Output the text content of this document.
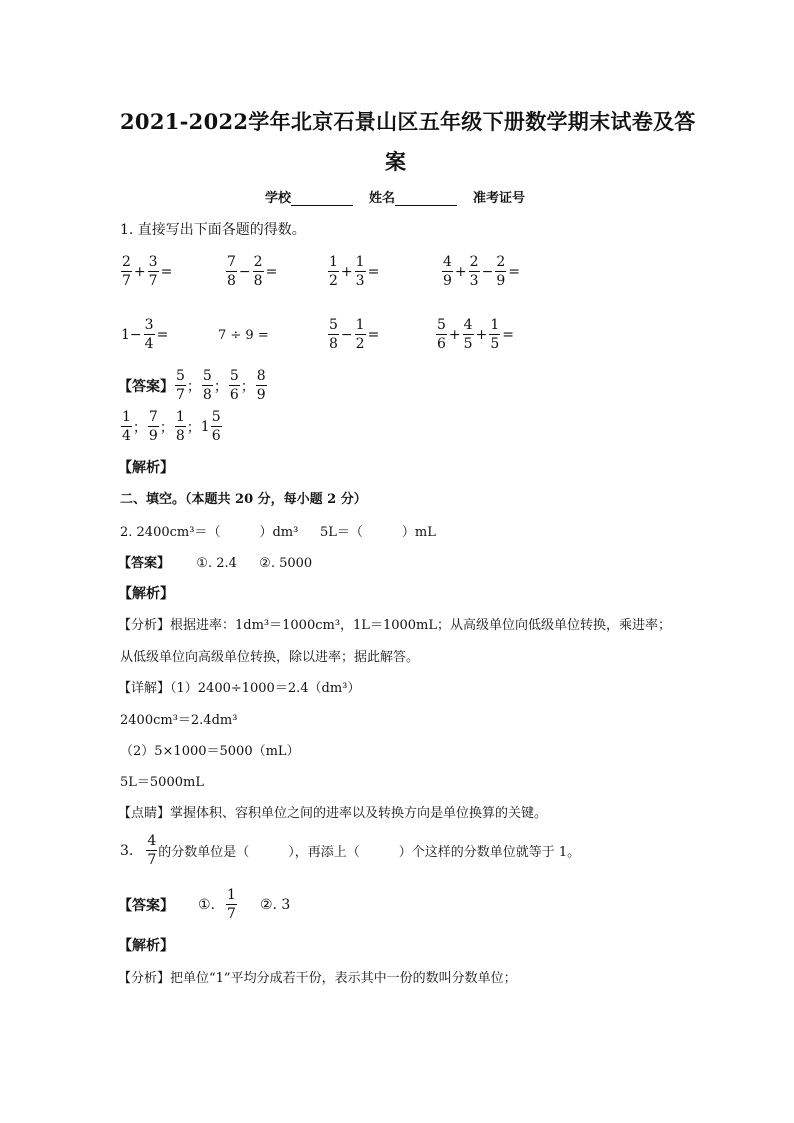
2021-2022学年北京石景山区五年级下册数学期末试卷及答
案
学校	姓名	准考证号
1. 直接写出下面各题的得数。
$\frac{2}{7} + \frac{3}{7}$ =	$\frac{7}{8} - \frac{2}{8}$ =	$\frac{1}{2} + \frac{1}{3}$ =	$\frac{4}{9} + \frac{2}{3} - \frac{2}{9}$ =
$1- \frac{3}{4}$ =	7 ÷ 9 =	$\frac{5}{8} - \frac{1}{2}$ =	$\frac{5}{6} + \frac{4}{5} + \frac{1}{5}$ =
【答案】 $\frac{5}{7}$ ； $\frac{5}{8}$ ； $\frac{5}{6}$ ； $\frac{8}{9}$
$\frac{1}{4}$ ； $\frac{7}{9}$ ； $\frac{1}{8}$ ； $1 \frac{5}{6}$
【解析】
二、填空。（本题共 20 分，每小题 2 分）
2. 2400cm³＝（　　　）dm³ 5L＝（　　　）mL
【答案】 ①. 2.4 ②. 5000
【解析】
【分析】根据进率：1dm³＝1000cm³，1L＝1000mL；从高级单位向低级单位转换，乘进率；
从低级单位向高级单位转换，除以进率；据此解答。
【详解】（1）2400÷1000＝2.4（dm³）
2400cm³＝2.4dm³
（2）5×1000＝5000（mL）
5L＝5000mL
【点睛】掌握体积、容积单位之间的进率以及转换方向是单位换算的关键。
3. $\frac{4}{7}$ 的分数单位是（　　　），再添上（　　　）个这样的分数单位就等于 1。
【答案】 ①. $\frac{1}{7}$ ②. 3
【解析】
【分析】把单位“1”平均分成若干份，表示其中一份的数叫分数单位；
